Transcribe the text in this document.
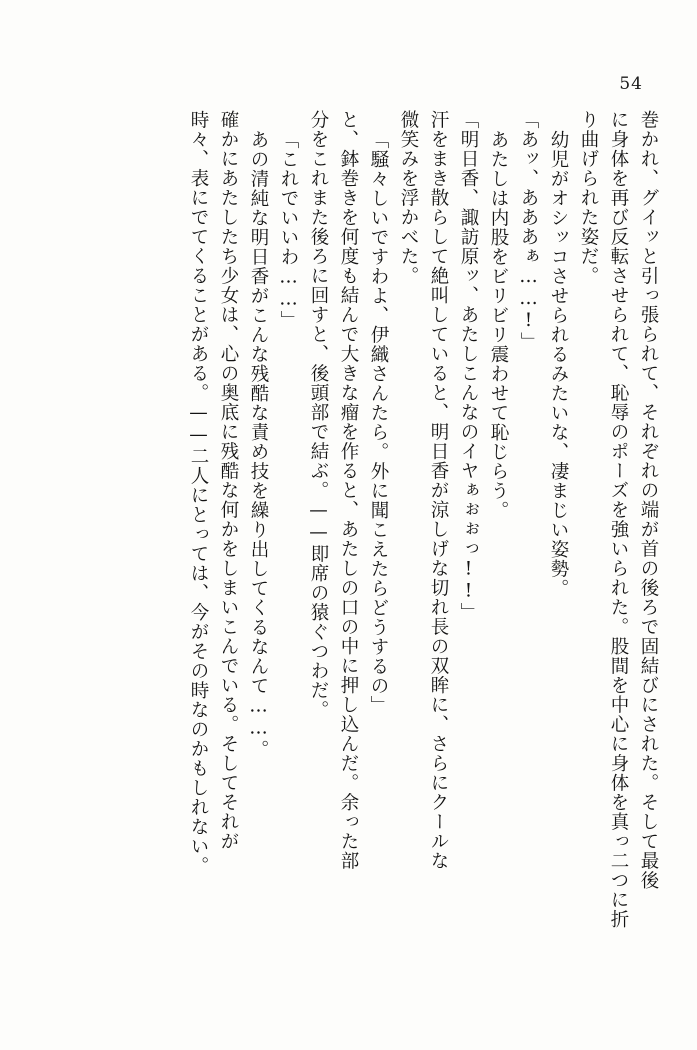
54
巻かれ、グイッと引っ張られて、それぞれの端が首の後ろで固結びにされた。そして最後
に身体を再び反転させられて、恥辱のポーズを強いられた。股間を中心に身体を真っ二つに折
り曲げられた姿だ。
幼児がオシッコさせられるみたいな、凄まじい姿勢。
「あッ、あああぁ……!」
あたしは内股をビリビリ震わせて恥じらう。
「明日香、諏訪原ッ、あたしこんなのイヤぁぉぉっ!!」
汗をまき散らして絶叫していると、明日香が涼しげな切れ長の双眸に、さらにクールな
微笑みを浮かべた。
「騒々しいですわよ、伊織さんたら。外に聞こえたらどうするの」
と、鉢巻きを何度も結んで大きな瘤を作ると、あたしの口の中に押し込んだ。余った部
分をこれまた後ろに回すと、後頭部で結ぶ。——即席の猿ぐつわだ。
「これでいいわ……」
あの清純な明日香がこんな残酷な責め技を繰り出してくるなんて……。
確かにあたしたち少女は、心の奥底に残酷な何かをしまいこんでいる。そしてそれが
時々、表にでてくることがある。——二人にとっては、今がその時なのかもしれない。
